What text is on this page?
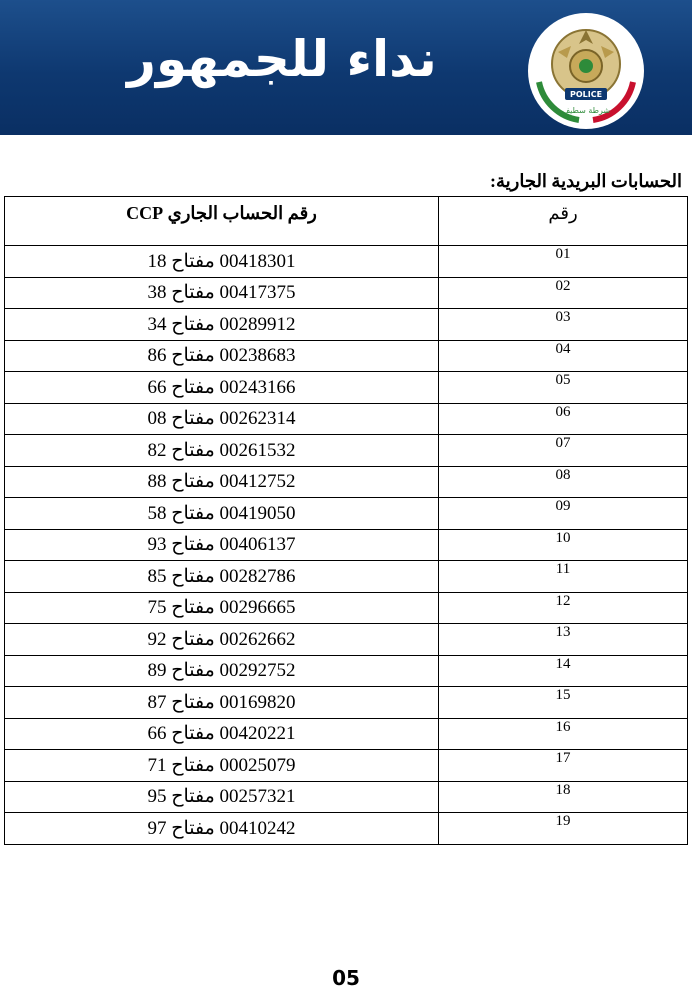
نداء للجمهور
POLICE
شرطة سطيف
الحسابات البريدية الجارية:
رقم	رقم الحساب الجاري CCP
01	00418301 مفتاح 18
02	00417375 مفتاح 38
03	00289912 مفتاح 34
04	00238683 مفتاح 86
05	00243166 مفتاح 66
06	00262314 مفتاح 08
07	00261532 مفتاح 82
08	00412752 مفتاح 88
09	00419050 مفتاح 58
10	00406137 مفتاح 93
11	00282786 مفتاح 85
12	00296665 مفتاح 75
13	00262662 مفتاح 92
14	00292752 مفتاح 89
15	00169820 مفتاح 87
16	00420221 مفتاح 66
17	00025079 مفتاح 71
18	00257321 مفتاح 95
19	00410242 مفتاح 97
05
